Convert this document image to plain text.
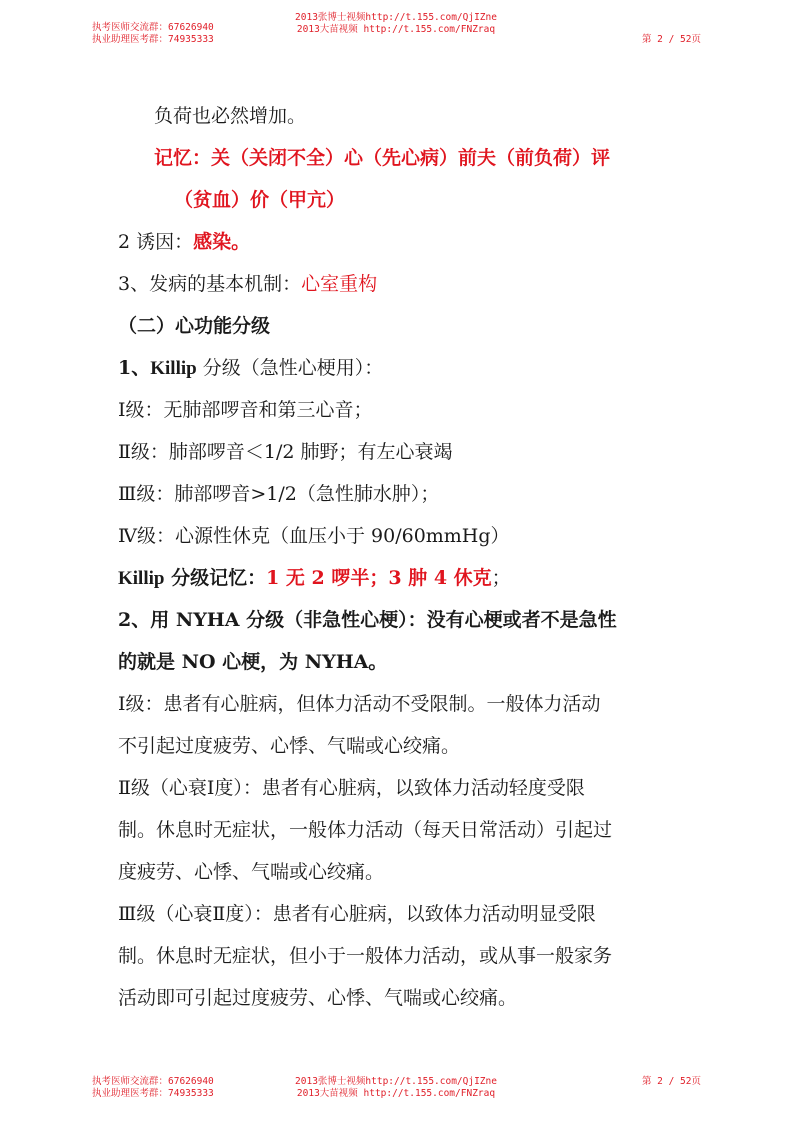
执考医师交流群：67626940
执业助理医考群：74935333
2013张博士视频http://t.155.com/QjIZne
2013大苗视频 http://t.155.com/FNZraq
第 2 / 52页
负荷也必然增加。
记忆：关（关闭不全）心（先心病）前夫（前负荷）评
（贫血）价（甲亢）
2 诱因：感染。
3、发病的基本机制：心室重构
（二）心功能分级
1、Killip 分级（急性心梗用）：
Ⅰ级：无肺部啰音和第三心音；
Ⅱ级：肺部啰音＜1/2 肺野；有左心衰竭
Ⅲ级：肺部啰音>1/2（急性肺水肿）；
Ⅳ级：心源性休克（血压小于 90/60mmHg）
Killip 分级记忆：1 无 2 啰半；3 肿 4 休克；
2、用 NYHA 分级（非急性心梗）：没有心梗或者不是急性
的就是 NO 心梗，为 NYHA。
Ⅰ级：患者有心脏病，但体力活动不受限制。一般体力活动
不引起过度疲劳、心悸、气喘或心绞痛。
Ⅱ级（心衰Ⅰ度）：患者有心脏病，以致体力活动轻度受限
制。休息时无症状，一般体力活动（每天日常活动）引起过
度疲劳、心悸、气喘或心绞痛。
Ⅲ级（心衰Ⅱ度）：患者有心脏病，以致体力活动明显受限
制。休息时无症状，但小于一般体力活动，或从事一般家务
活动即可引起过度疲劳、心悸、气喘或心绞痛。
执考医师交流群：67626940
执业助理医考群：74935333
2013张博士视频http://t.155.com/QjIZne
2013大苗视频 http://t.155.com/FNZraq
第 2 / 52页
